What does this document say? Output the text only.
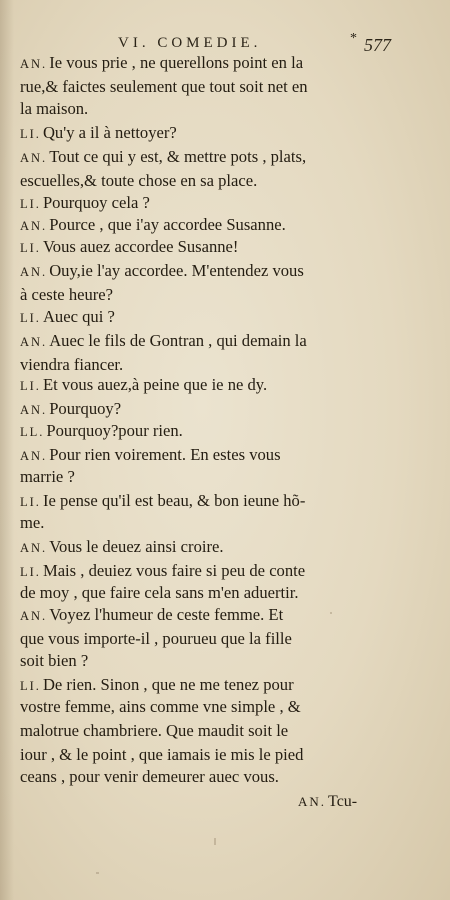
VI. COMEDIE.	* 577
AN. Ie vous prie , ne querellons point en la
rue,& faictes seulement que tout soit net en
la maison.
LI. Qu'y a il à nettoyer?
AN. Tout ce qui y est, & mettre pots , plats,
escuelles,& toute chose en sa place.
LI. Pourquoy cela ?
AN. Pource , que i'ay accordee Susanne.
LI. Vous auez accordee Susanne!
AN. Ouy,ie l'ay accordee. M'entendez vous
à ceste heure?
LI. Auec qui ?
AN. Auec le fils de Gontran , qui demain la
viendra fiancer.
LI. Et vous auez,à peine que ie ne dy.
AN. Pourquoy?
LL. Pourquoy?pour rien.
AN. Pour rien voirement. En estes vous
marrie ?
LI. Ie pense qu'il est beau, & bon ieune hõ-
me.
AN. Vous le deuez ainsi croire.
LI. Mais , deuiez vous faire si peu de conte
de moy , que faire cela sans m'en aduertir.
AN. Voyez l'humeur de ceste femme. Et
que vous importe-il , pourueu que la fille
soit bien ?
LI. De rien. Sinon , que ne me tenez pour
vostre femme, ains comme vne simple , &
malotrue chambriere. Que maudit soit le
iour , & le point , que iamais ie mis le pied
ceans , pour venir demeurer auec vous.
AN. Tcu-
